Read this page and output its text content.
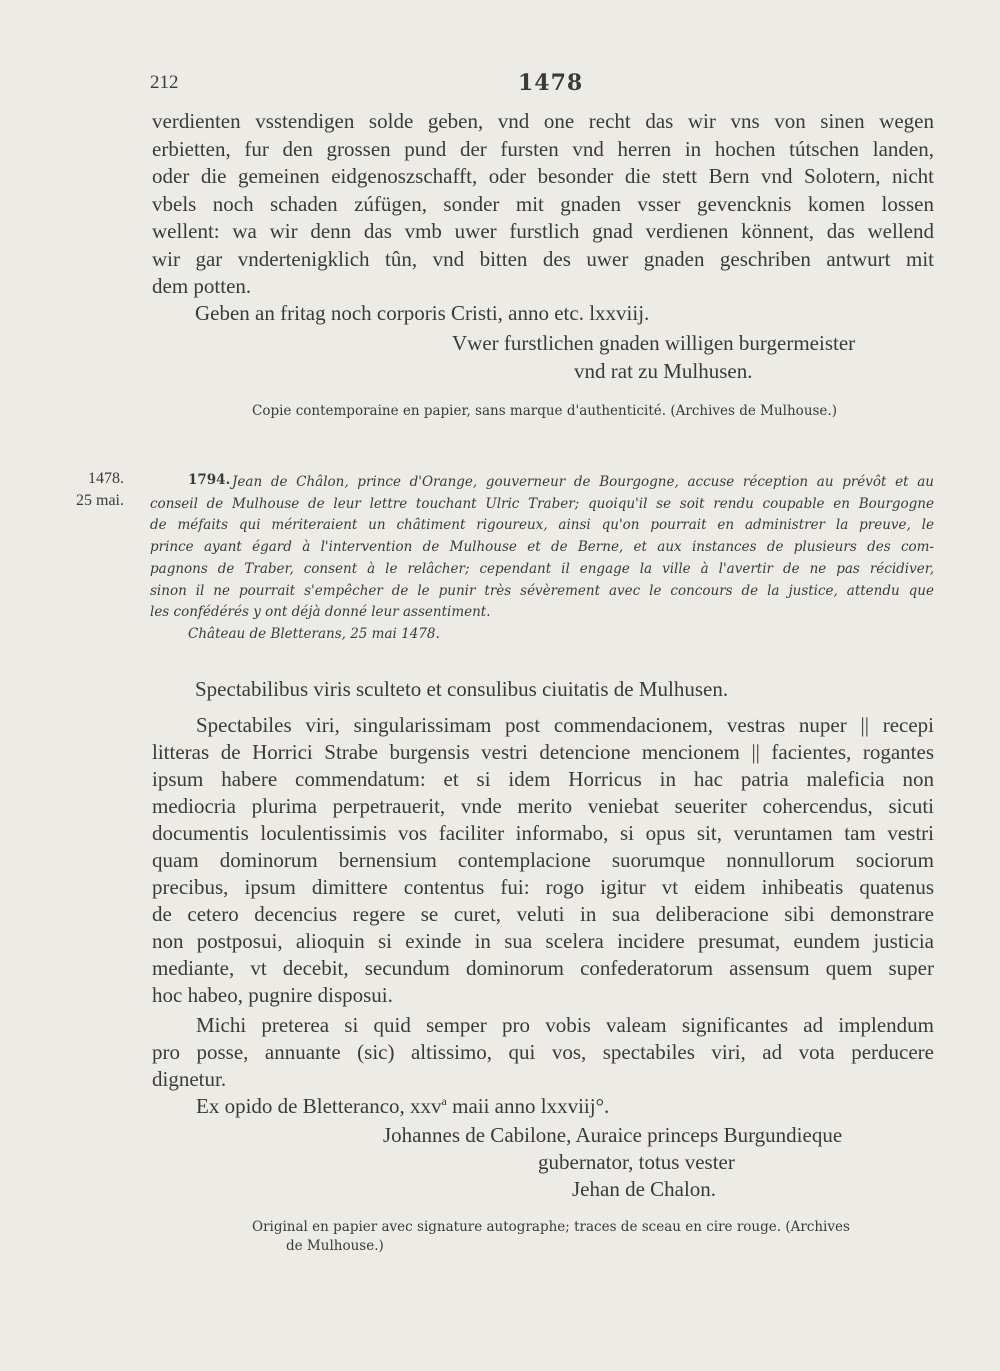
212	1478
verdienten vsstendigen solde geben, vnd one recht das wir vns von sinen wegen
erbietten, fur den grossen pund der fursten vnd herren in hochen tútschen landen,
oder die gemeinen eidgenoszschafft, oder besonder die stett Bern vnd Solotern, nicht
vbels noch schaden zúfügen, sonder mit gnaden vsser gevencknis komen lossen
wellent: wa wir denn das vmb uwer furstlich gnad verdienen könnent, das wellend
wir gar vndertenigklich tûn, vnd bitten des uwer gnaden geschriben antwurt mit
dem potten.
Geben an fritag noch corporis Cristi, anno etc. lxxviij.
Vwer furstlichen gnaden willigen burgermeister
vnd rat zu Mulhusen.
Copie contemporaine en papier, sans marque d'authenticité. (Archives de Mulhouse.)
1478.
25 mai.
1794. Jean de Châlon, prince d'Orange, gouverneur de Bourgogne, accuse réception au prévôt et au
conseil de Mulhouse de leur lettre touchant Ulric Traber; quoiqu'il se soit rendu coupable en Bourgogne
de méfaits qui mériteraient un châtiment rigoureux, ainsi qu'on pourrait en administrer la preuve, le
prince ayant égard à l'intervention de Mulhouse et de Berne, et aux instances de plusieurs des com-
pagnons de Traber, consent à le relâcher; cependant il engage la ville à l'avertir de ne pas récidiver,
sinon il ne pourrait s'empêcher de le punir très sévèrement avec le concours de la justice, attendu que
les confédérés y ont déjà donné leur assentiment.
Château de Bletterans, 25 mai 1478.
Spectabilibus viris sculteto et consulibus ciuitatis de Mulhusen.
Spectabiles viri, singularissimam post commendacionem, vestras nuper || recepi
litteras de Horrici Strabe burgensis vestri detencione mencionem || facientes, rogantes
ipsum habere commendatum: et si idem Horricus in hac patria maleficia non
mediocria plurima perpetrauerit, vnde merito veniebat seueriter cohercendus, sicuti
documentis loculentissimis vos faciliter informabo, si opus sit, veruntamen tam vestri
quam dominorum bernensium contemplacione suorumque nonnullorum sociorum
precibus, ipsum dimittere contentus fui: rogo igitur vt eidem inhibeatis quatenus
de cetero decencius regere se curet, veluti in sua deliberacione sibi demonstrare
non postposui, alioquin si exinde in sua scelera incidere presumat, eundem justicia
mediante, vt decebit, secundum dominorum confederatorum assensum quem super
hoc habeo, pugnire disposui.
Michi preterea si quid semper pro vobis valeam significantes ad implendum
pro posse, annuante (sic) altissimo, qui vos, spectabiles viri, ad vota perducere
dignetur.
Ex opido de Bletteranco, xxv$^a$ maii anno lxxviij°.
Johannes de Cabilone, Auraice princeps Burgundieque
gubernator, totus vester
Jehan de Chalon.
Original en papier avec signature autographe; traces de sceau en cire rouge. (Archives
de Mulhouse.)
